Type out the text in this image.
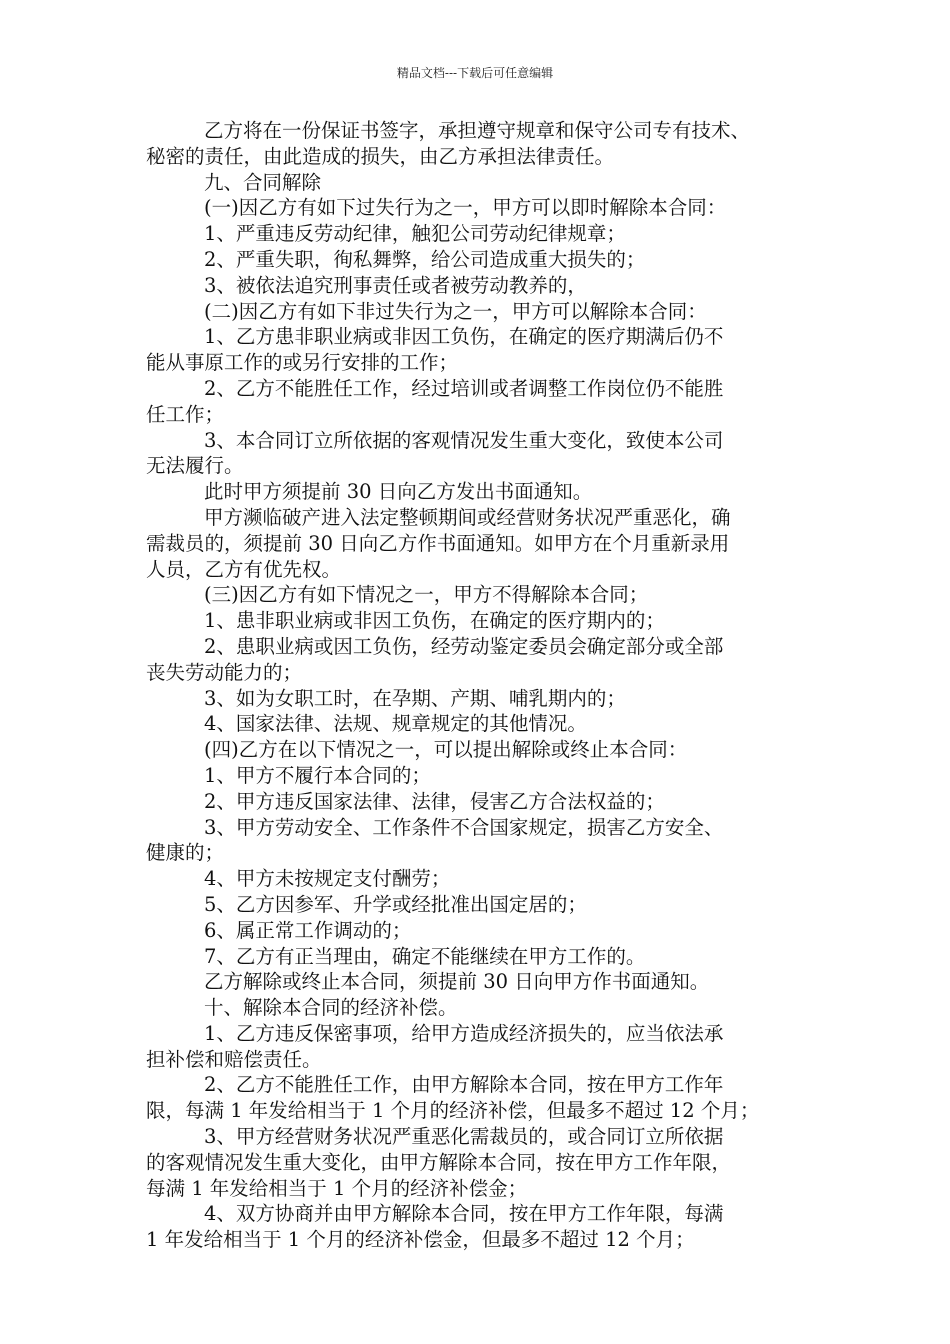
精品文档---下载后可任意编辑
乙方将在一份保证书签字，承担遵守规章和保守公司专有技术、
秘密的责任，由此造成的损失，由乙方承担法律责任。
九、合同解除
(一)因乙方有如下过失行为之一，甲方可以即时解除本合同：
1、严重违反劳动纪律，触犯公司劳动纪律规章；
2、严重失职，徇私舞弊，给公司造成重大损失的；
3、被依法追究刑事责任或者被劳动教养的，
(二)因乙方有如下非过失行为之一，甲方可以解除本合同：
1、乙方患非职业病或非因工负伤，在确定的医疗期满后仍不
能从事原工作的或另行安排的工作；
2、乙方不能胜任工作，经过培训或者调整工作岗位仍不能胜
任工作；
3、本合同订立所依据的客观情况发生重大变化，致使本公司
无法履行。
此时甲方须提前 30 日向乙方发出书面通知。
甲方濒临破产进入法定整顿期间或经营财务状况严重恶化，确
需裁员的，须提前 30 日向乙方作书面通知。如甲方在个月重新录用
人员，乙方有优先权。
(三)因乙方有如下情况之一，甲方不得解除本合同；
1、患非职业病或非因工负伤，在确定的医疗期内的；
2、患职业病或因工负伤，经劳动鉴定委员会确定部分或全部
丧失劳动能力的；
3、如为女职工时，在孕期、产期、哺乳期内的；
4、国家法律、法规、规章规定的其他情况。
(四)乙方在以下情况之一，可以提出解除或终止本合同：
1、甲方不履行本合同的；
2、甲方违反国家法律、法律，侵害乙方合法权益的；
3、甲方劳动安全、工作条件不合国家规定，损害乙方安全、
健康的；
4、甲方未按规定支付酬劳；
5、乙方因参军、升学或经批准出国定居的；
6、属正常工作调动的；
7、乙方有正当理由，确定不能继续在甲方工作的。
乙方解除或终止本合同，须提前 30 日向甲方作书面通知。
十、解除本合同的经济补偿。
1、乙方违反保密事项，给甲方造成经济损失的，应当依法承
担补偿和赔偿责任。
2、乙方不能胜任工作，由甲方解除本合同，按在甲方工作年
限，每满 1 年发给相当于 1 个月的经济补偿，但最多不超过 12 个月；
3、甲方经营财务状况严重恶化需裁员的，或合同订立所依据
的客观情况发生重大变化，由甲方解除本合同，按在甲方工作年限，
每满 1 年发给相当于 1 个月的经济补偿金；
4、双方协商并由甲方解除本合同，按在甲方工作年限，每满
1 年发给相当于 1 个月的经济补偿金，但最多不超过 12 个月；
